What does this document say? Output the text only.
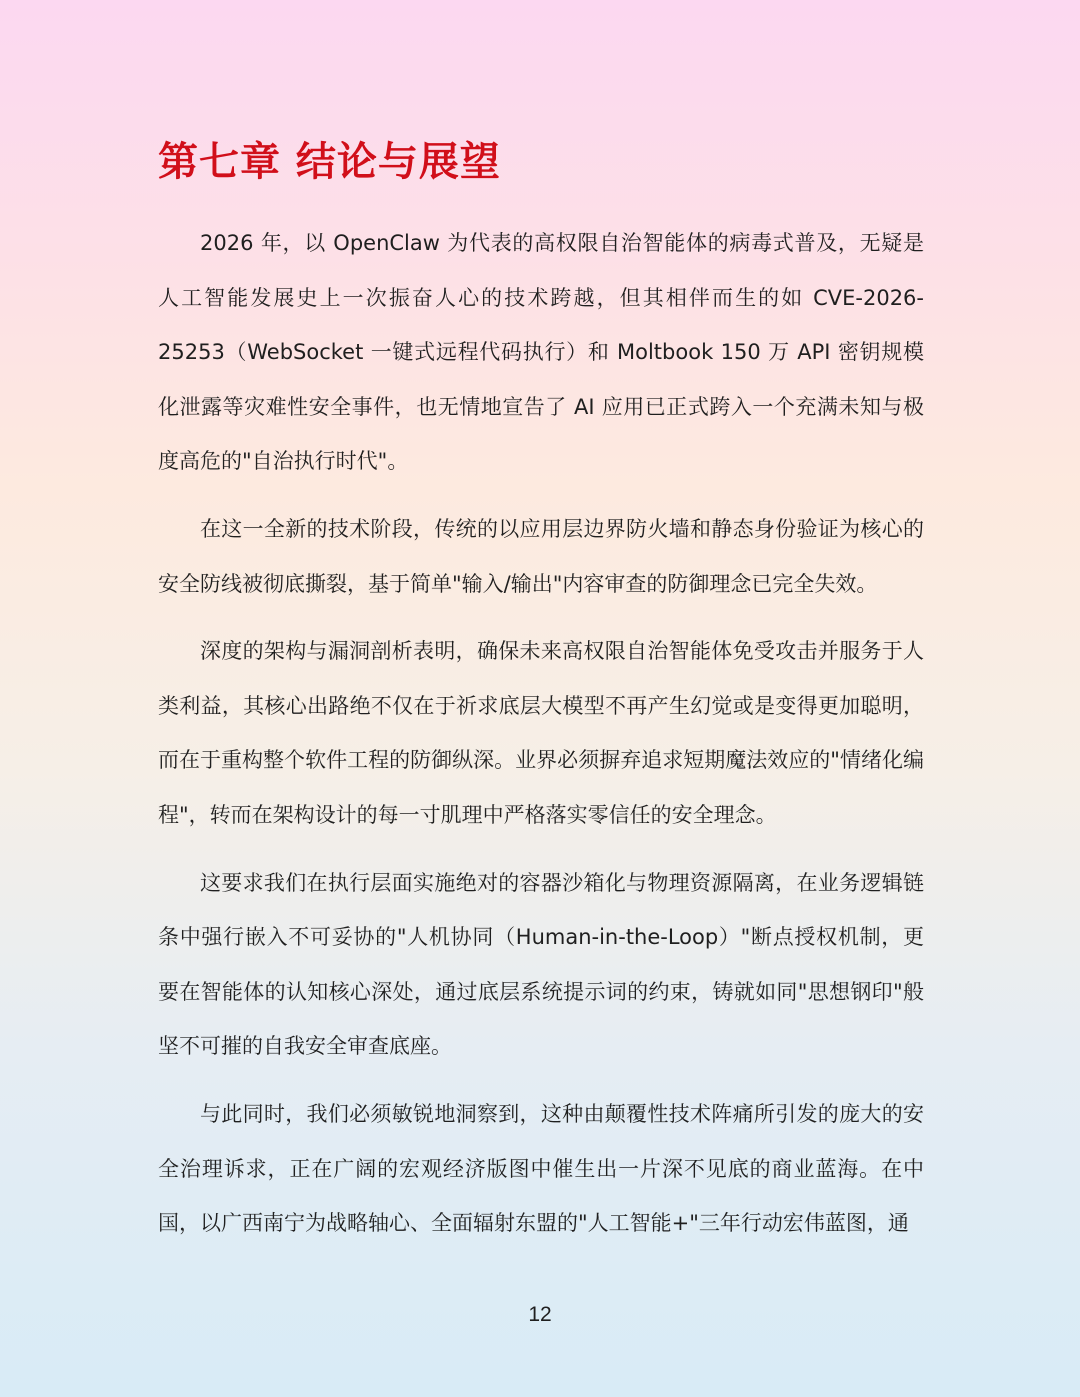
第七章 结论与展望

2026 年，以 OpenClaw 为代表的高权限自治智能体的病毒式普及，无疑是人工智能发展史上一次振奋人心的技术跨越，但其相伴而生的如 CVE-2026-25253（WebSocket 一键式远程代码执行）和 Moltbook 150 万 API 密钥规模化泄露等灾难性安全事件，也无情地宣告了 AI 应用已正式跨入一个充满未知与极度高危的"自治执行时代"。

在这一全新的技术阶段，传统的以应用层边界防火墙和静态身份验证为核心的安全防线被彻底撕裂，基于简单"输入/输出"内容审查的防御理念已完全失效。

深度的架构与漏洞剖析表明，确保未来高权限自治智能体免受攻击并服务于人类利益，其核心出路绝不仅在于祈求底层大模型不再产生幻觉或是变得更加聪明，而在于重构整个软件工程的防御纵深。业界必须摒弃追求短期魔法效应的"情绪化编程"，转而在架构设计的每一寸肌理中严格落实零信任的安全理念。

这要求我们在执行层面实施绝对的容器沙箱化与物理资源隔离，在业务逻辑链条中强行嵌入不可妥协的"人机协同（Human-in-the-Loop）"断点授权机制，更要在智能体的认知核心深处，通过底层系统提示词的约束，铸就如同"思想钢印"般坚不可摧的自我安全审查底座。

与此同时，我们必须敏锐地洞察到，这种由颠覆性技术阵痛所引发的庞大的安全治理诉求，正在广阔的宏观经济版图中催生出一片深不见底的商业蓝海。在中国，以广西南宁为战略轴心、全面辐射东盟的"人工智能+"三年行动宏伟蓝图，通

12
